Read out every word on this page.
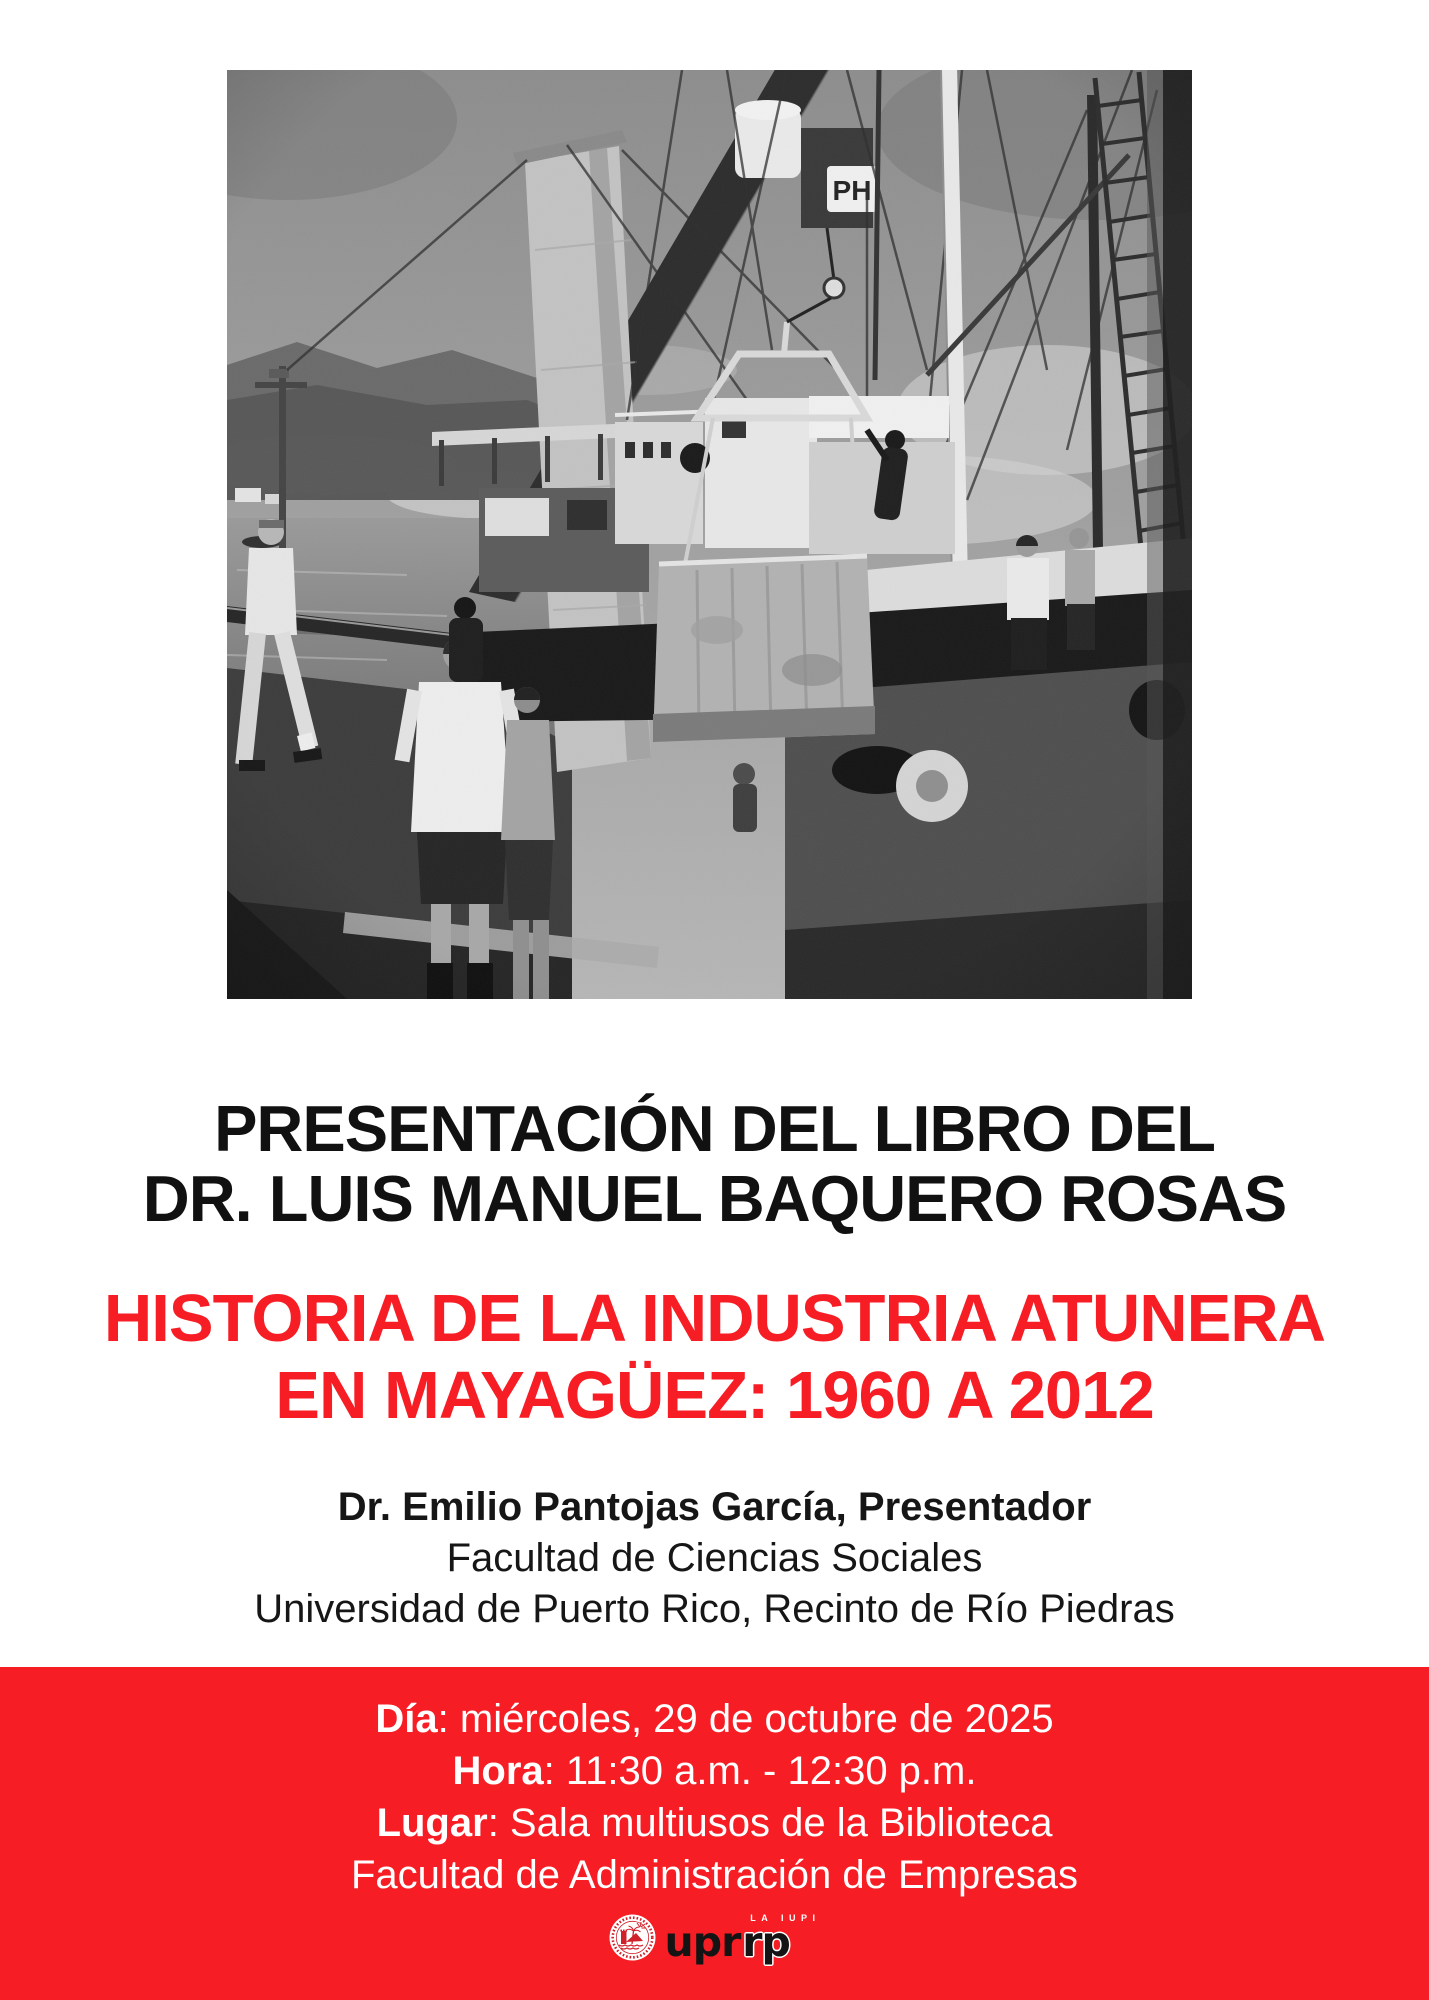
PRESENTACIÓN DEL LIBRO DEL
DR. LUIS MANUEL BAQUERO ROSAS
HISTORIA DE LA INDUSTRIA ATUNERA
EN MAYAGÜEZ: 1960 A 2012

Dr. Emilio Pantojas García, Presentador

Facultad de Ciencias Sociales

Universidad de Puerto Rico, Recinto de Río Piedras

Día: miércoles, 29 de octubre de 2025

Hora: 11:30 a.m. - 12:30 p.m.

Lugar: Sala multiusos de la Biblioteca

Facultad de Administración de Empresas

upr LA IUPI
rp
